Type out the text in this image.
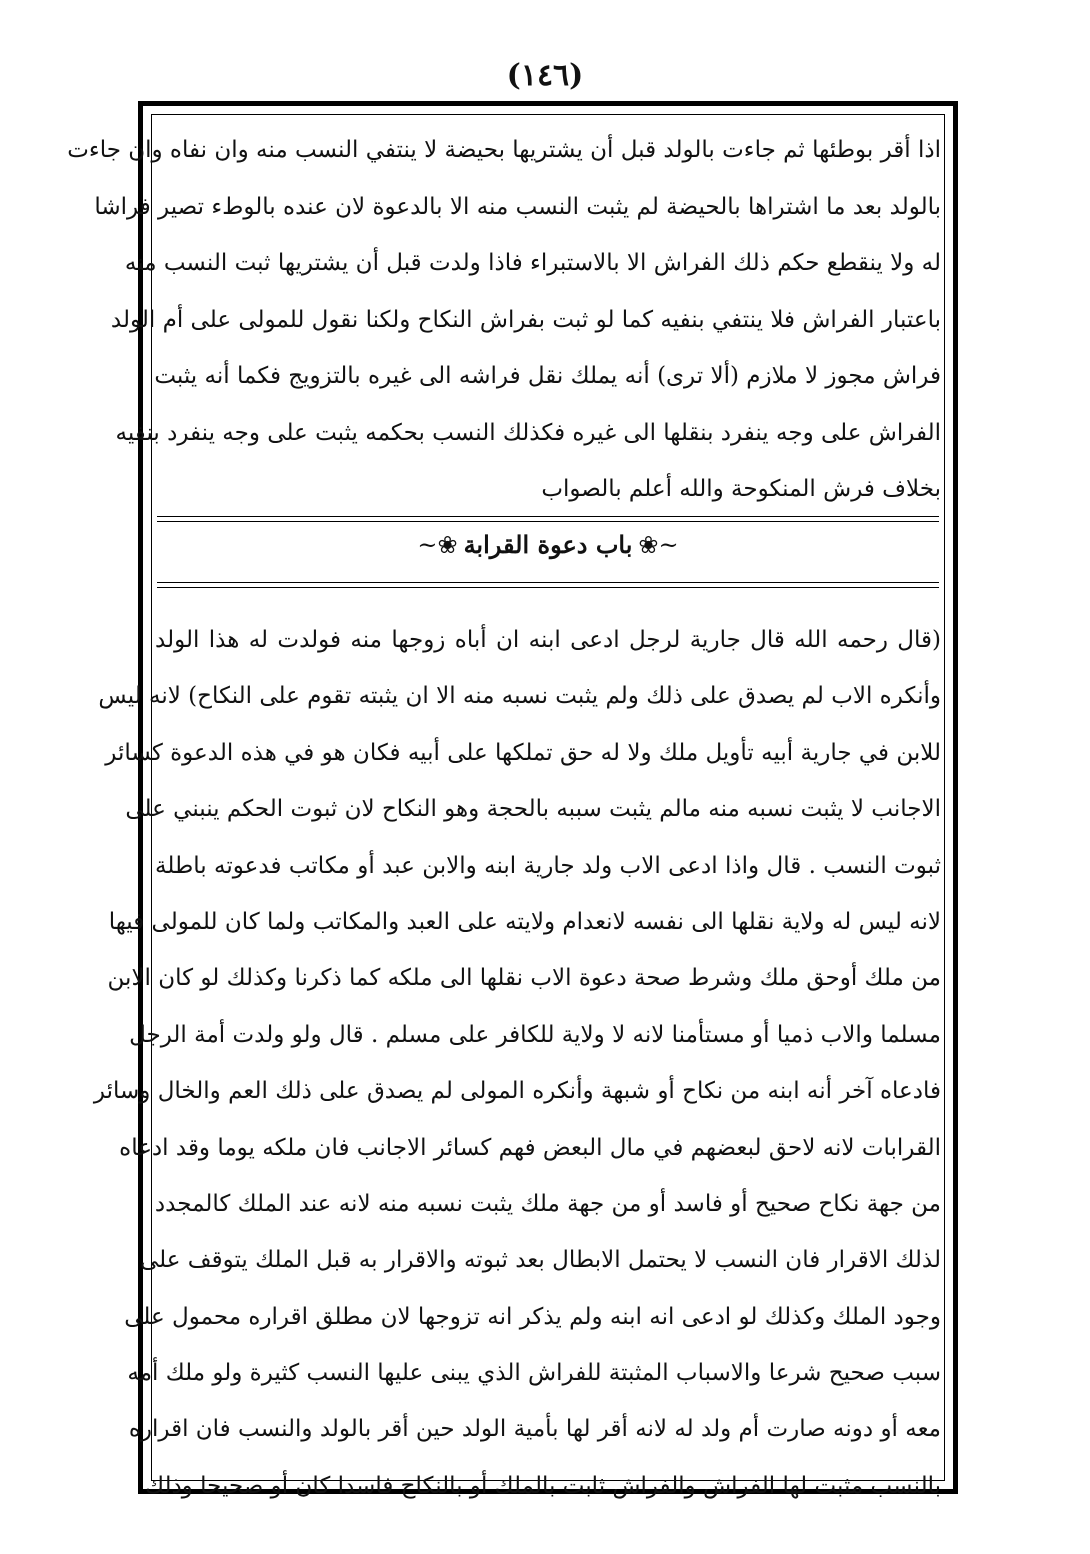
(١٤٦)
اذا أقر بوطئها ثم جاءت بالولد قبل أن يشتريها بحيضة لا ينتفي النسب منه وان نفاه وان جاءت
بالولد بعد ما اشتراها بالحيضة لم يثبت النسب منه الا بالدعوة لان عنده بالوطء تصير فراشا
له ولا ينقطع حكم ذلك الفراش الا بالاستبراء فاذا ولدت قبل أن يشتريها ثبت النسب منه
باعتبار الفراش فلا ينتفي بنفيه كما لو ثبت بفراش النكاح ولكنا نقول للمولى على أم الولد
فراش مجوز لا ملازم (ألا ترى) أنه يملك نقل فراشه الى غيره بالتزويج فكما أنه يثبت
الفراش على وجه ينفرد بنقلها الى غيره فكذلك النسب بحكمه يثبت على وجه ينفرد بنفيه
بخلاف فرش المنكوحة والله أعلم بالصواب
~❀باب دعوة القرابة❀~
(قال رحمه الله قال جارية لرجل ادعى ابنه ان أباه زوجها منه فولدت له هذا الولد
وأنكره الاب لم يصدق على ذلك ولم يثبت نسبه منه الا ان يثبته تقوم على النكاح) لانه ليس
للابن في جارية أبيه تأويل ملك ولا له حق تملكها على أبيه فكان هو في هذه الدعوة كسائر
الاجانب لا يثبت نسبه منه مالم يثبت سببه بالحجة وهو النكاح لان ثبوت الحكم ينبني على
ثبوت النسب . قال واذا ادعى الاب ولد جارية ابنه والابن عبد أو مكاتب فدعوته باطلة
لانه ليس له ولاية نقلها الى نفسه لانعدام ولايته على العبد والمكاتب ولما كان للمولى فيها
من ملك أوحق ملك وشرط صحة دعوة الاب نقلها الى ملكه كما ذكرنا وكذلك لو كان الابن
مسلما والاب ذميا أو مستأمنا لانه لا ولاية للكافر على مسلم . قال ولو ولدت أمة الرجل
فادعاه آخر أنه ابنه من نكاح أو شبهة وأنكره المولى لم يصدق على ذلك العم والخال وسائر
القرابات لانه لاحق لبعضهم في مال البعض فهم كسائر الاجانب فان ملكه يوما وقد ادعاه
من جهة نكاح صحيح أو فاسد أو من جهة ملك يثبت نسبه منه لانه عند الملك كالمجدد
لذلك الاقرار فان النسب لا يحتمل الابطال بعد ثبوته والاقرار به قبل الملك يتوقف على
وجود الملك وكذلك لو ادعى انه ابنه ولم يذكر انه تزوجها لان مطلق اقراره محمول على
سبب صحيح شرعا والاسباب المثبتة للفراش الذي يبنى عليها النسب كثيرة ولو ملك أمه
معه أو دونه صارت أم ولد له لانه أقر لها بأمية الولد حين أقر بالولد والنسب فان اقراره
بالنسب مثبت لها الفراش والفراش ثابت بالملك أو بالنكاح فاسدا كان أو صحيحا وذلك
